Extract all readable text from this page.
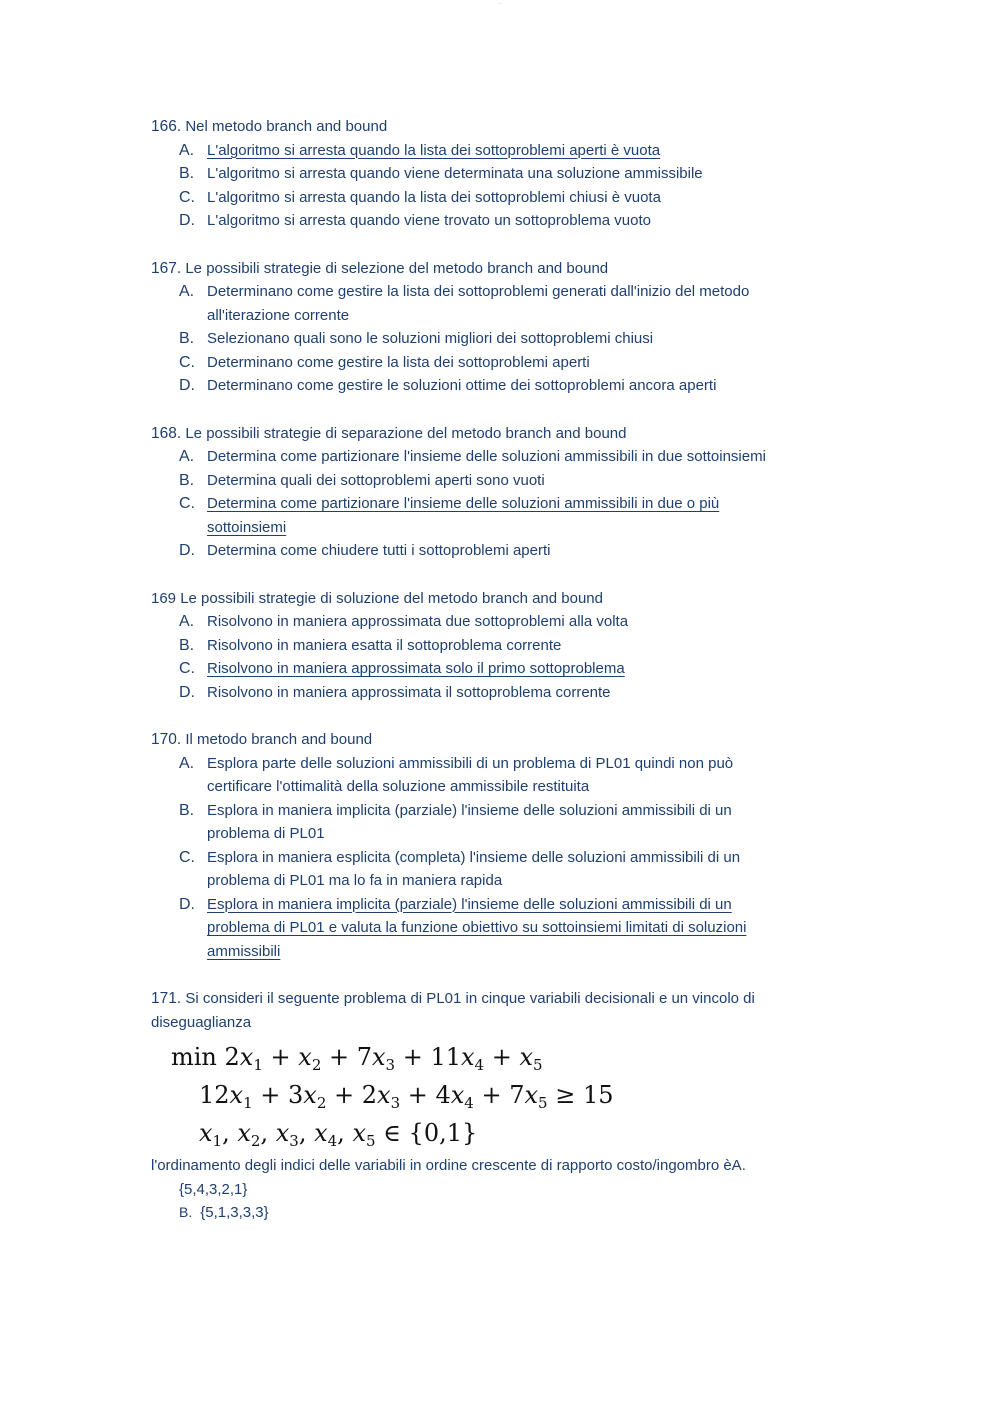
...

166. Nel metodo branch and bound

A. L'algoritmo si arresta quando la lista dei sottoproblemi aperti è vuota
B. L'algoritmo si arresta quando viene determinata una soluzione ammissibile
C. L'algoritmo si arresta quando la lista dei sottoproblemi chiusi è vuota
D. L'algoritmo si arresta quando viene trovato un sottoproblema vuoto

167. Le possibili strategie di selezione del metodo branch and bound

A. Determinano come gestire la lista dei sottoproblemi generati dall'inizio del metodo all'iterazione corrente
B. Selezionano quali sono le soluzioni migliori dei sottoproblemi chiusi
C. Determinano come gestire la lista dei sottoproblemi aperti
D. Determinano come gestire le soluzioni ottime dei sottoproblemi ancora aperti

168. Le possibili strategie di separazione del metodo branch and bound

A. Determina come partizionare l'insieme delle soluzioni ammissibili in due sottoinsiemi
B. Determina quali dei sottoproblemi aperti sono vuoti
C. Determina come partizionare l'insieme delle soluzioni ammissibili in due o più sottoinsiemi
D. Determina come chiudere tutti i sottoproblemi aperti

169 Le possibili strategie di soluzione del metodo branch and bound

A. Risolvono in maniera approssimata due sottoproblemi alla volta
B. Risolvono in maniera esatta il sottoproblema corrente
C. Risolvono in maniera approssimata solo il primo sottoproblema
D. Risolvono in maniera approssimata il sottoproblema corrente

170. Il metodo branch and bound

A. Esplora parte delle soluzioni ammissibili di un problema di PL01 quindi non può certificare l'ottimalità della soluzione ammissibile restituita
B. Esplora in maniera implicita (parziale) l'insieme delle soluzioni ammissibili di un problema di PL01
C. Esplora in maniera esplicita (completa) l'insieme delle soluzioni ammissibili di un problema di PL01 ma lo fa in maniera rapida
D. Esplora in maniera implicita (parziale) l'insieme delle soluzioni ammissibili di un problema di PL01 e valuta la funzione obiettivo su sottoinsiemi limitati di soluzioni ammissibili

171. Si consideri il seguente problema di PL01 in cinque variabili decisionali e un vincolo di diseguaglianza

$\min 2x_1 + x_2 + 7x_3 + 11x_4 + x_5$
$12x_1 + 3x_2 + 2x_3 + 4x_4 + 7x_5 \ge 15$
$x_1$, $x_2$, $x_3$, $x_4$, $x_5$ ∈ {0,1}
l'ordinamento degli indici delle variabili in ordine crescente di rapporto costo/ingombro èA.
{5,4,3,2,1}
B. {5,1,3,3,3}
